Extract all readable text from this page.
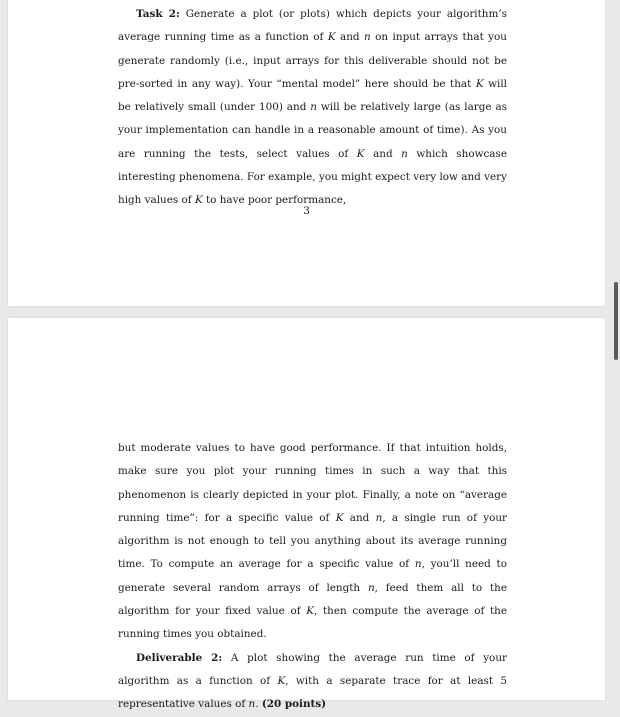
Task 2: Generate a plot (or plots) which depicts your algorithm’s average running time as a function of K and n on input arrays that you generate randomly (i.e., input arrays for this deliverable should not be pre-sorted in any way). Your “mental model” here should be that K will be relatively small (under 100) and n will be relatively large (as large as your implementation can handle in a reasonable amount of time). As you are running the tests, select values of K and n which showcase interesting phenomena. For example, you might expect very low and very high values of K to have poor performance,
3
but moderate values to have good performance. If that intuition holds, make sure you plot your running times in such a way that this phenomenon is clearly depicted in your plot. Finally, a note on “average running time”: for a specific value of K and n, a single run of your algorithm is not enough to tell you anything about its average running time. To compute an average for a specific value of n, you’ll need to generate several random arrays of length n, feed them all to the algorithm for your fixed value of K, then compute the average of the running times you obtained.
Deliverable 2: A plot showing the average run time of your algorithm as a function of K, with a separate trace for at least 5 representative values of n. (20 points)
